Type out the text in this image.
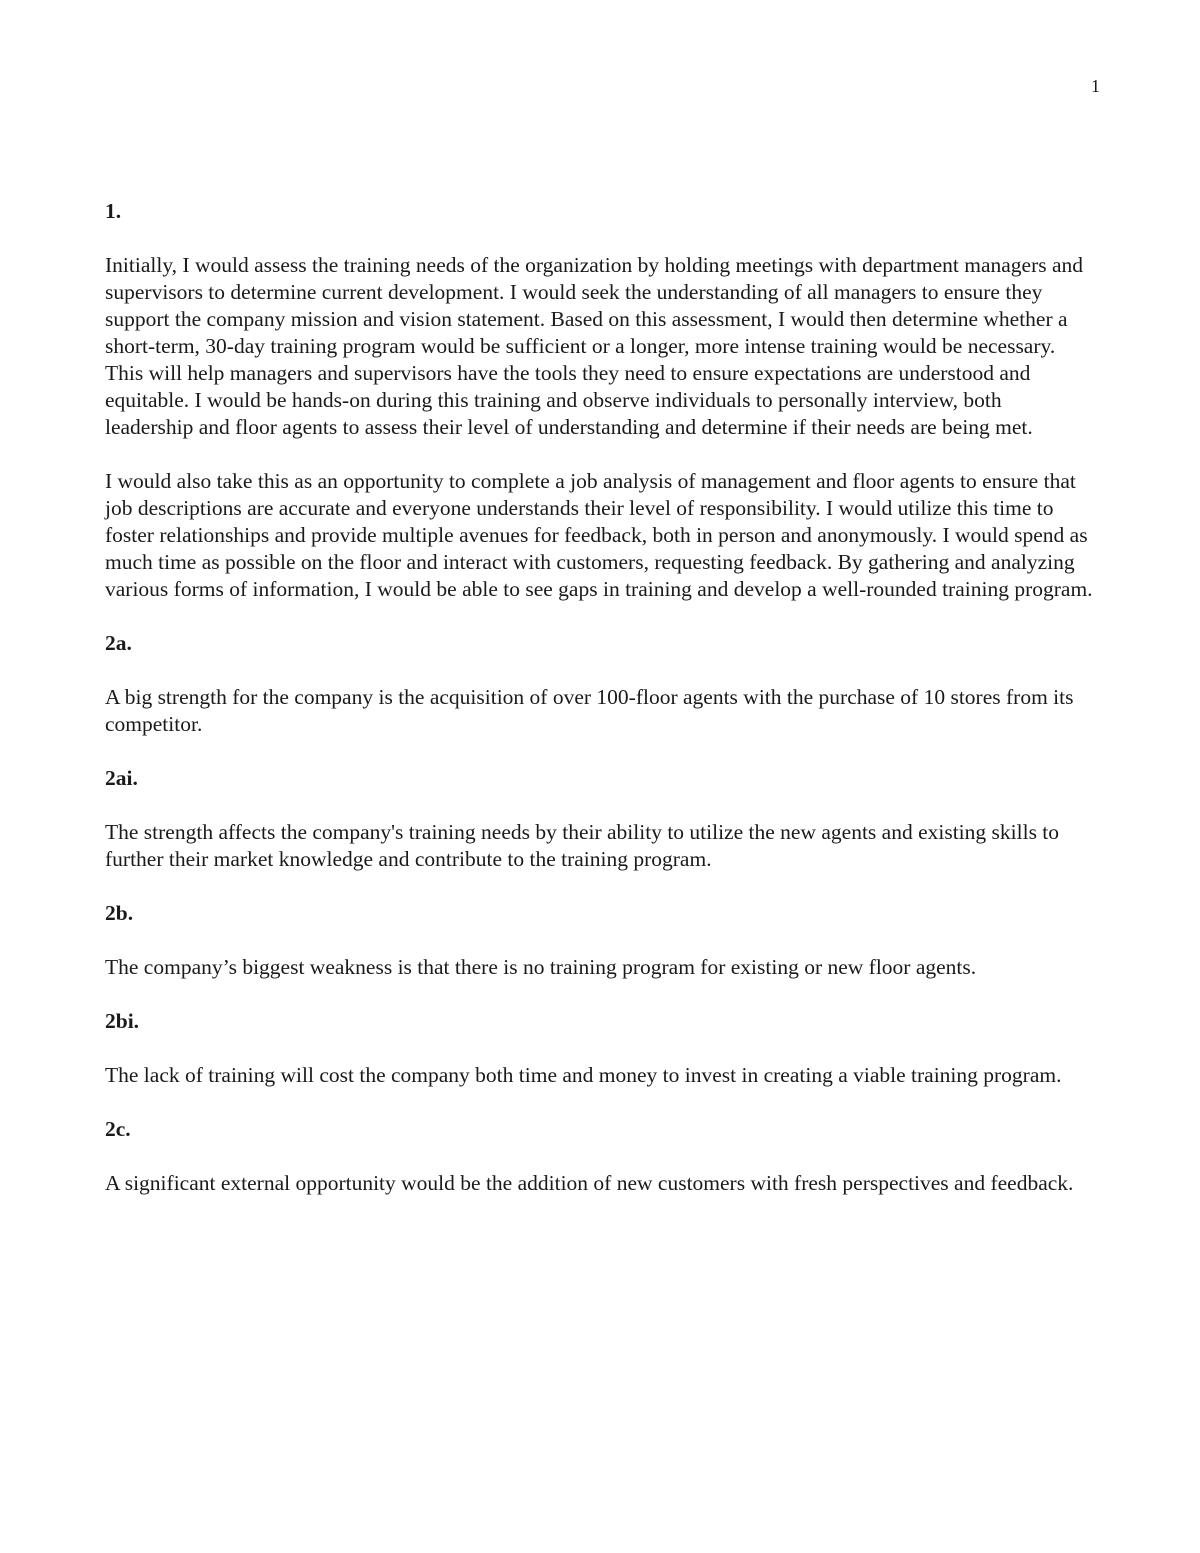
1
1.
Initially, I would assess the training needs of the organization by holding meetings with department managers and supervisors to determine current development. I would seek the understanding of all managers to ensure they support the company mission and vision statement. Based on this assessment, I would then determine whether a short-term, 30-day training program would be sufficient or a longer, more intense training would be necessary. This will help managers and supervisors have the tools they need to ensure expectations are understood and equitable. I would be hands-on during this training and observe individuals to personally interview, both leadership and floor agents to assess their level of understanding and determine if their needs are being met.
I would also take this as an opportunity to complete a job analysis of management and floor agents to ensure that job descriptions are accurate and everyone understands their level of responsibility. I would utilize this time to foster relationships and provide multiple avenues for feedback, both in person and anonymously. I would spend as much time as possible on the floor and interact with customers, requesting feedback. By gathering and analyzing various forms of information, I would be able to see gaps in training and develop a well-rounded training program.
2a.
A big strength for the company is the acquisition of over 100-floor agents with the purchase of 10 stores from its competitor.
2ai.
The strength affects the company's training needs by their ability to utilize the new agents and existing skills to further their market knowledge and contribute to the training program.
2b.
The company’s biggest weakness is that there is no training program for existing or new floor agents.
2bi.
The lack of training will cost the company both time and money to invest in creating a viable training program.
2c.
A significant external opportunity would be the addition of new customers with fresh perspectives and feedback.
